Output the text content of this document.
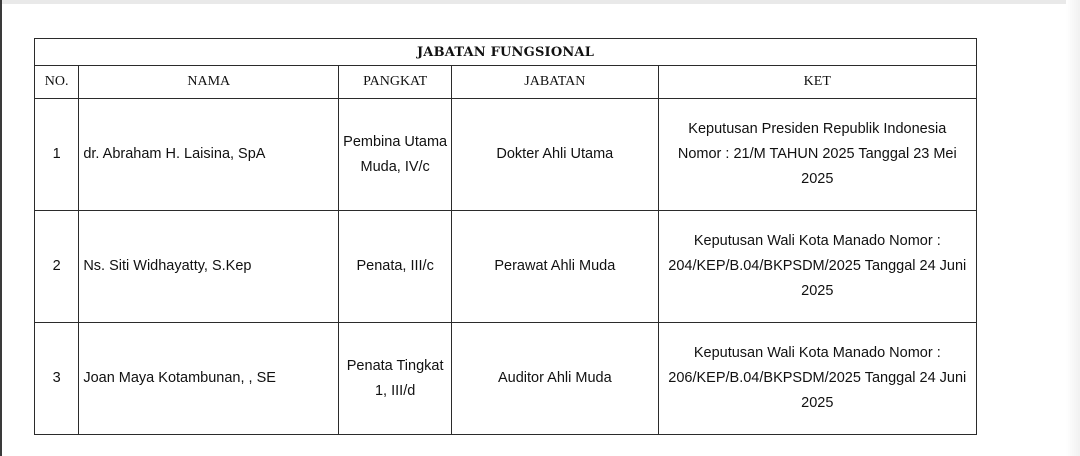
JABATAN FUNGSIONAL				
NO.	NAMA	PANGKAT	JABATAN	KET
1	dr. Abraham H. Laisina, SpA	Pembina Utama Muda, IV/c	Dokter Ahli Utama	Keputusan Presiden Republik Indonesia Nomor : 21/M TAHUN 2025 Tanggal 23 Mei 2025
2	Ns. Siti Widhayatty, S.Kep	Penata, III/c	Perawat Ahli Muda	Keputusan Wali Kota Manado Nomor : 204/KEP/B.04/BKPSDM/2025 Tanggal 24 Juni 2025
3	Joan Maya Kotambunan, , SE	Penata Tingkat 1, III/d	Auditor Ahli Muda	Keputusan Wali Kota Manado Nomor : 206/KEP/B.04/BKPSDM/2025 Tanggal 24 Juni 2025
